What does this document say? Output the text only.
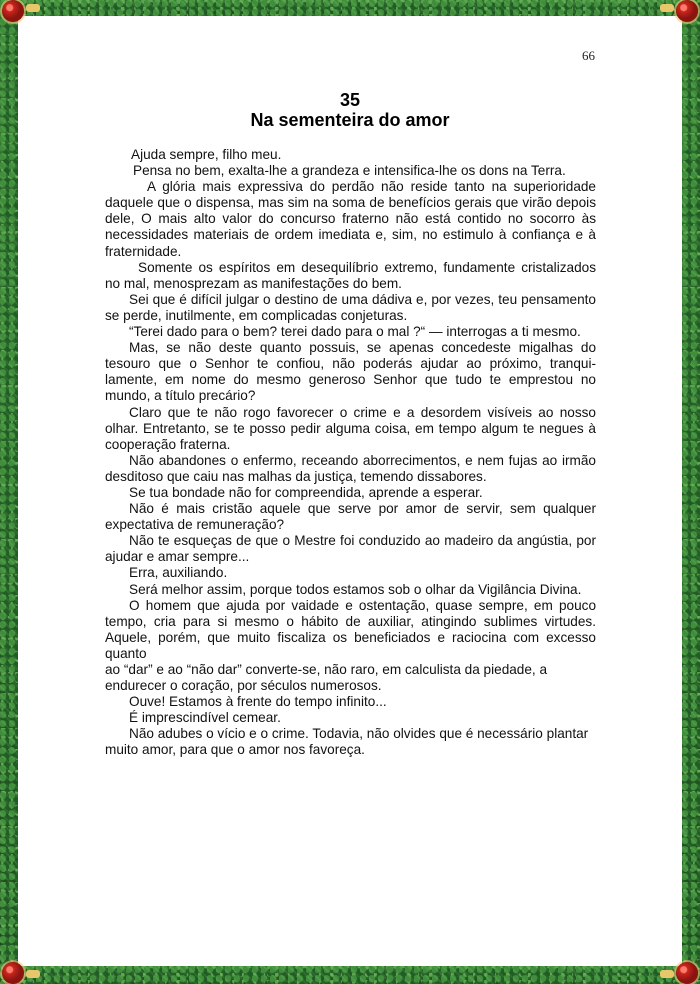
66
35
Na sementeira do amor

Ajuda sempre, filho meu.

Pensa no bem, exalta-lhe a grandeza e intensifica-lhe os dons na Terra.

A glória mais expressiva do perdão não reside tanto na superioridade daquele que o dispensa, mas sim na soma de benefícios gerais que virão depois dele, O mais alto valor do concurso fraterno não está contido no socorro às necessidades materiais de ordem imediata e, sim, no estimulo à confiança e à fraternidade.

Somente os espíritos em desequilíbrio extremo, fundamente cristalizados no mal, menosprezam as manifestações do bem.

Sei que é difícil julgar o destino de uma dádiva e, por vezes, teu pensamento se perde, inutilmente, em complicadas conjeturas.

“Terei dado para o bem? terei dado para o mal ?“ — interrogas a ti mesmo.

Mas, se não deste quanto possuis, se apenas concedeste migalhas do tesouro que o Senhor te confiou, não poderás ajudar ao próximo, tranqui-lamente, em nome do mesmo generoso Senhor que tudo te emprestou no mundo, a título precário?

Claro que te não rogo favorecer o crime e a desordem visíveis ao nosso olhar. Entretanto, se te posso pedir alguma coisa, em tempo algum te negues à cooperação fraterna.

Não abandones o enfermo, receando aborrecimentos, e nem fujas ao irmão desditoso que caiu nas malhas da justiça, temendo dissabores.

Se tua bondade não for compreendida, aprende a esperar.

Não é mais cristão aquele que serve por amor de servir, sem qualquer expectativa de remuneração?

Não te esqueças de que o Mestre foi conduzido ao madeiro da angústia, por ajudar e amar sempre...

Erra, auxiliando.

Será melhor assim, porque todos estamos sob o olhar da Vigilância Divina.

O homem que ajuda por vaidade e ostentação, quase sempre, em pouco tempo, cria para si mesmo o hábito de auxiliar, atingindo sublimes virtudes. Aquele, porém, que muito fiscaliza os beneficiados e raciocina com excesso quanto

ao “dar” e ao “não dar” converte-se, não raro, em calculista da piedade, a endurecer o coração, por séculos numerosos.

Ouve! Estamos à frente do tempo infinito...

É imprescindível cemear.

Não adubes o vício e o crime. Todavia, não olvides que é necessário plantar muito amor, para que o amor nos favoreça.
